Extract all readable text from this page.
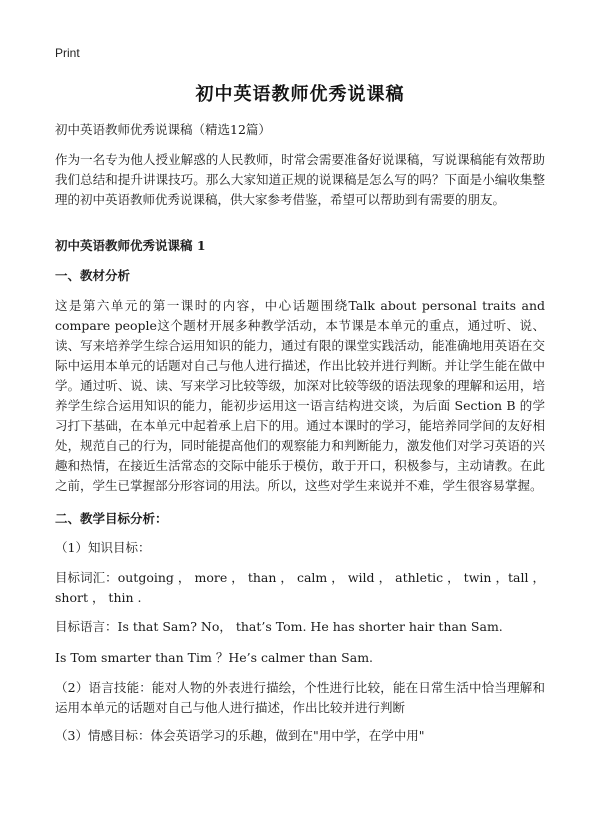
Print
初中英语教师优秀说课稿

初中英语教师优秀说课稿（精选12篇）

作为一名专为他人授业解惑的人民教师，时常会需要准备好说课稿，写说课稿能有效帮助我们总结和提升讲课技巧。那么大家知道正规的说课稿是怎么写的吗？下面是小编收集整理的初中英语教师优秀说课稿，供大家参考借鉴，希望可以帮助到有需要的朋友。

初中英语教师优秀说课稿 1

一、教材分析

这是第六单元的第一课时的内容，中心话题围绕Talk about personal traits and compare people这个题材开展多种教学活动，本节课是本单元的重点，通过听、说、读、写来培养学生综合运用知识的能力，通过有限的课堂实践活动，能准确地用英语在交际中运用本单元的话题对自己与他人进行描述，作出比较并进行判断。并让学生能在做中学。通过听、说、读、写来学习比较等级，加深对比较等级的语法现象的理解和运用，培养学生综合运用知识的能力，能初步运用这一语言结构进交谈，为后面 Section B 的学习打下基础，在本单元中起着承上启下的用。通过本课时的学习，能培养同学间的友好相处，规范自己的行为，同时能提高他们的观察能力和判断能力，激发他们对学习英语的兴趣和热情，在接近生活常态的交际中能乐于模仿，敢于开口，积极参与，主动请教。在此之前，学生已掌握部分形容词的用法。所以，这些对学生来说并不难，学生很容易掌握。

二、教学目标分析：

（1）知识目标：

目标词汇：outgoing ， more ， than ， calm ， wild ， athletic ， twin ，tall ， short ， thin .

目标语言：Is that Sam? No， that’s Tom. He has shorter hair than Sam.

Is Tom smarter than Tim ？He’s calmer than Sam.

（2）语言技能：能对人物的外表进行描绘，个性进行比较，能在日常生活中恰当理解和运用本单元的话题对自己与他人进行描述，作出比较并进行判断

（3）情感目标：体会英语学习的乐趣，做到在"用中学，在学中用"
